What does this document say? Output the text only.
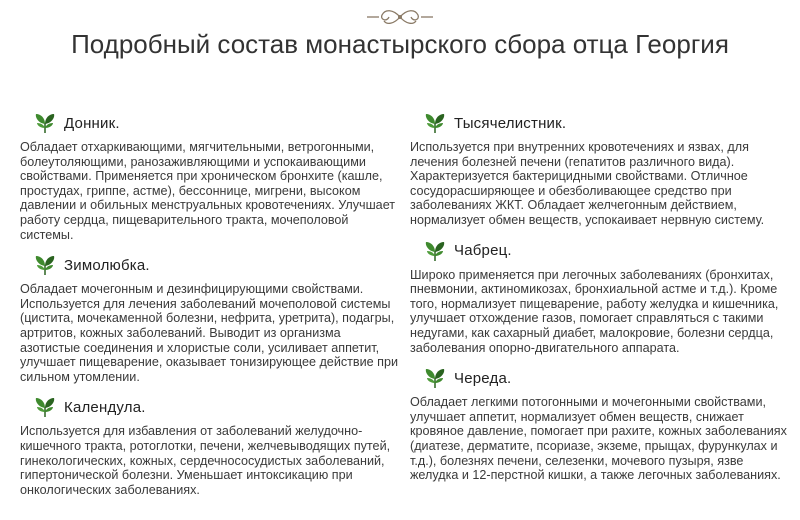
Подробный состав монастырского сбора отца Георгия
Донник.

Обладает отхаркивающими, мягчительными, ветрогонными, болеутоляющими, ранозаживляющими и успокаивающими свойствами. Применяется при хроническом бронхите (кашле, простудах, гриппе, астме), бессоннице, мигрени, высоком давлении и обильных менструальных кровотечениях. Улучшает работу сердца, пищеварительного тракта, мочеполовой системы.

Зимолюбка.

Обладает мочегонным и дезинфицирующими свойствами. Используется для лечения заболеваний мочеполовой системы (цистита, мочекаменной болезни, нефрита, уретрита), подагры, артритов, кожных заболеваний. Выводит из организма азотистые соединения и хлористые соли, усиливает аппетит, улучшает пищеварение, оказывает тонизирующее действие при сильном утомлении.

Календула.

Используется для избавления от заболеваний желудочно-кишечного тракта, ротоглотки, печени, желчевыводящих путей, гинекологических, кожных, сердечнососудистых заболеваний, гипертонической болезни. Уменьшает интоксикацию при онкологических заболеваниях.

Тысячелистник.

Используется при внутренних кровотечениях и язвах, для лечения болезней печени (гепатитов различного вида). Характеризуется бактерицидными свойствами. Отличное сосудорасширяющее и обезболивающее средство при заболеваниях ЖКТ. Обладает желчегонным действием, нормализует обмен веществ, успокаивает нервную систему.

Чабрец.

Широко применяется при легочных заболеваниях (бронхитах, пневмонии, актиномикозах, бронхиальной астме и т.д.). Кроме того, нормализует пищеварение, работу желудка и кишечника, улучшает отхождение газов, помогает справляться с такими недугами, как сахарный диабет, малокровие, болезни сердца, заболевания опорно-двигательного аппарата.

Череда.

Обладает легкими потогонными и мочегонными свойствами, улучшает аппетит, нормализует обмен веществ, снижает кровяное давление, помогает при рахите, кожных заболеваниях (диатезе, дерматите, псориазе, экземе, прыщах, фурункулах и т.д.), болезнях печени, селезенки, мочевого пузыря, язве желудка и 12-перстной кишки, а также легочных заболеваниях.
